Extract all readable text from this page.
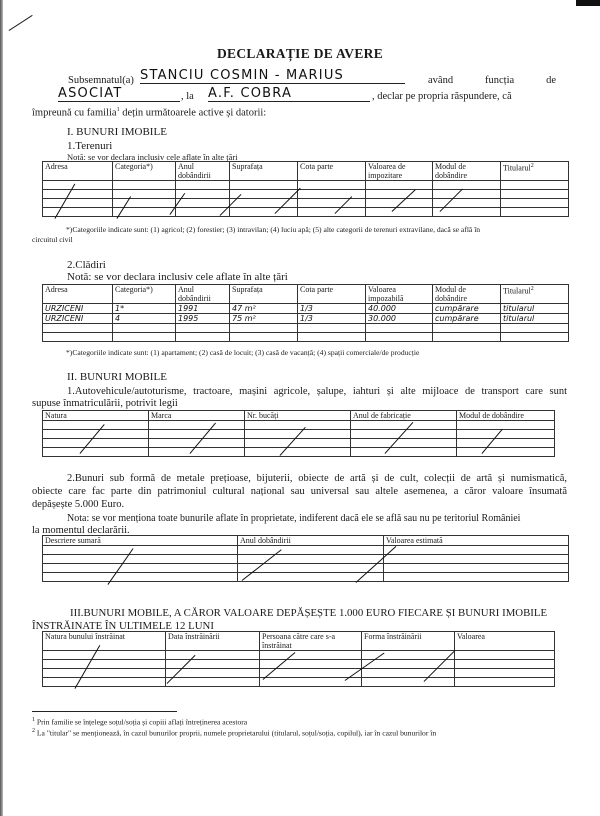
DECLARAȚIE DE AVERE
Subsemnatul(a) STANCIU COSMIN - MARIUS	având funcția de
ASOCIAT	, la A.F. COBRA	, declar pe propria răspundere, că
împreună cu familia$^1$ dețin următoarele active și datorii:
I. BUNURI IMOBILE
1.Terenuri
Notă: se vor declara inclusiv cele aflate în alte țări
Adresa	Categoria*)	Anul dobândirii	Suprafața	Cota parte	Valoarea de impozitare	Modul de dobândire	Titularul$^2$

*)Categoriile indicate sunt: (1) agricol; (2) forestier; (3) intravilan; (4) luciu apă; (5) alte categorii de terenuri extravilane, dacă se află în
circuitul civil
2.Clădiri
Notă: se vor declara inclusiv cele aflate în alte țări
Adresa	Categoria*)	Anul dobândirii	Suprafața	Cota parte	Valoarea impozabilă	Modul de dobândire	Titularul$^2$
URZICENI	1*	1991	47 m²	1/3	40.000	cumpărare	titularul
URZICENI	4	1995	75 m²	1/3	30.000	cumpărare	titularul

*)Categoriile indicate sunt: (1) apartament; (2) casă de locuit; (3) casă de vacanță; (4) spații comerciale/de producție
II. BUNURI MOBILE
1.Autovehicule/autoturisme, tractoare, mașini agricole, șalupe, iahturi și alte mijloace de transport care sunt
supuse înmatriculării, potrivit legii
Natura	Marca	Nr. bucăți	Anul de fabricație	Modul de dobândire

2.Bunuri sub formă de metale prețioase, bijuterii, obiecte de artă și de cult, colecții de artă și numismatică,
obiecte care fac parte din patrimoniul cultural național sau universal sau altele asemenea, a căror valoare însumată
depășește 5.000 Euro.
Nota: se vor menționa toate bunurile aflate în proprietate, indiferent dacă ele se află sau nu pe teritoriul României
la momentul declarării.
Descriere sumară	Anul dobândirii	Valoarea estimată

III.BUNURI MOBILE, A CĂROR VALOARE DEPĂȘEȘTE 1.000 EURO FIECARE ȘI BUNURI IMOBILE
ÎNSTRĂINATE ÎN ULTIMELE 12 LUNI
Natura bunului înstrăinat	Data înstrăinării	Persoana către care s-a înstrăinat	Forma înstrăinării	Valoarea

$^1$ Prin familie se înțelege soțul/soția și copiii aflați întreținerea acestora
$^2$ La "titular" se menționează, în cazul bunurilor proprii, numele proprietarului (titularul, soțul/soția, copilul), iar în cazul bunurilor în
